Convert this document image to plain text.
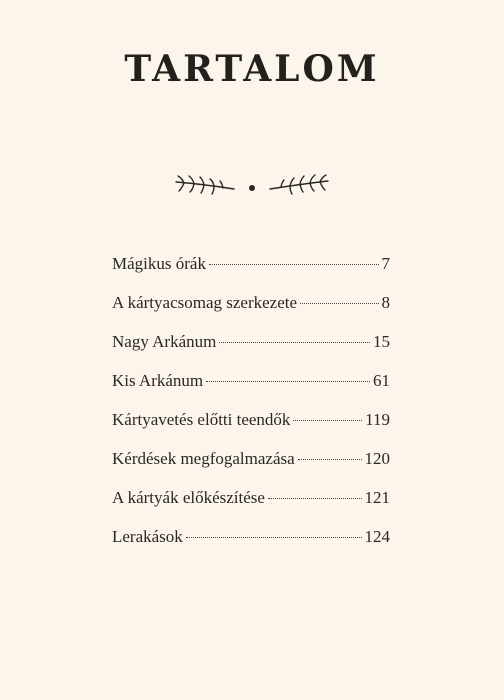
TARTALOM
Mágikus órák	7
A kártyacsomag szerkezete	8
Nagy Arkánum	15
Kis Arkánum	61
Kártyavetés előtti teendők	119
Kérdések megfogalmazása	120
A kártyák előkészítése	121
Lerakások	124
